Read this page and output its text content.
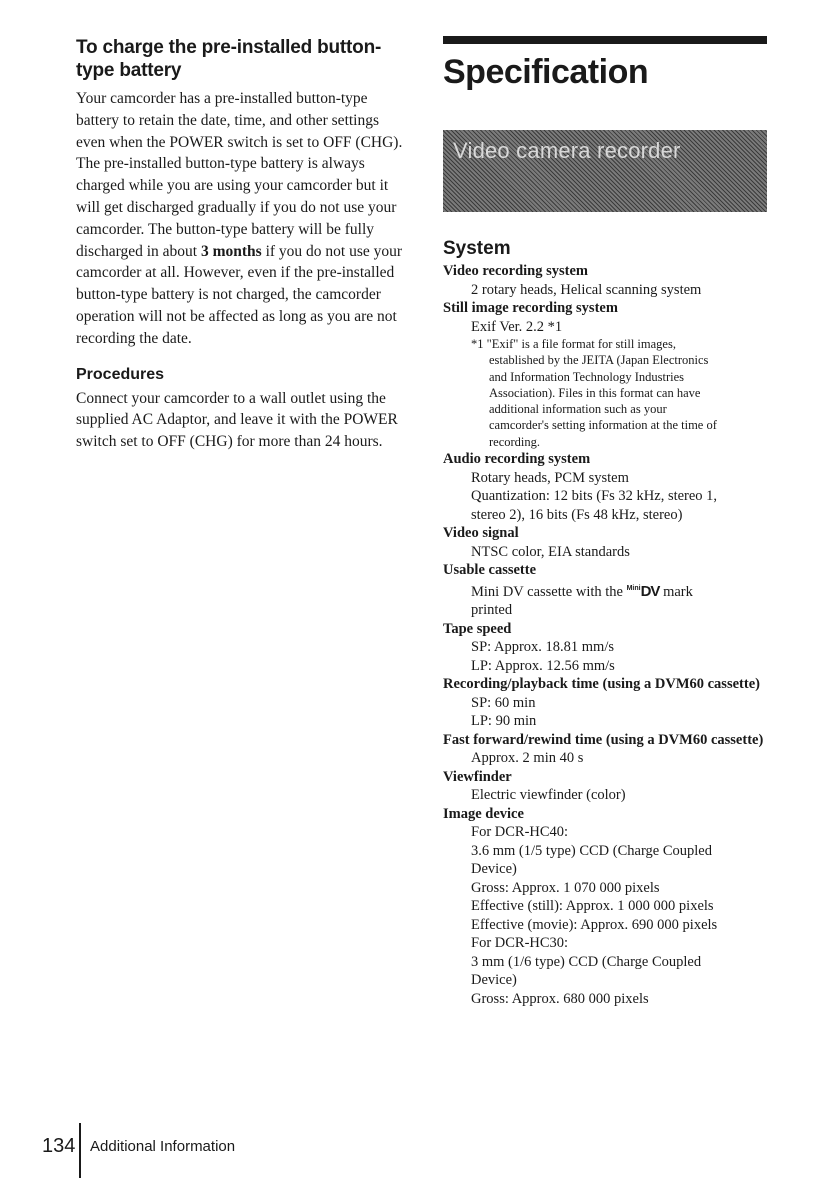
To charge the pre-installed button-type battery

Your camcorder has a pre-installed button-type battery to retain the date, time, and other settings even when the POWER switch is set to OFF (CHG). The pre-installed button-type battery is always charged while you are using your camcorder but it will get discharged gradually if you do not use your camcorder. The button-type battery will be fully discharged in about 3 months if you do not use your camcorder at all. However, even if the pre-installed button-type battery is not charged, the camcorder operation will not be affected as long as you are not recording the date.

Procedures

Connect your camcorder to a wall outlet using the supplied AC Adaptor, and leave it with the POWER switch set to OFF (CHG) for more than 24 hours.

Specification
Video camera recorder
System
Video recording system
2 rotary heads, Helical scanning system
Still image recording system
Exif Ver. 2.2 *1
*1 "Exif" is a file format for still images,
established by the JEITA (Japan Electronics
and Information Technology Industries
Association). Files in this format can have
additional information such as your
camcorder's setting information at the time of
recording.
Audio recording system
Rotary heads, PCM system
Quantization: 12 bits (Fs 32 kHz, stereo 1,
stereo 2), 16 bits (Fs 48 kHz, stereo)
Video signal
NTSC color, EIA standards
Usable cassette
Mini DV cassette with the $^{Mini}$DV mark
printed
Tape speed
SP: Approx. 18.81 mm/s
LP: Approx. 12.56 mm/s
Recording/playback time (using a DVM60 cassette)
SP: 60 min
LP: 90 min
Fast forward/rewind time (using a DVM60 cassette)
Approx. 2 min 40 s
Viewfinder
Electric viewfinder (color)
Image device
For DCR-HC40:
3.6 mm (1/5 type) CCD (Charge Coupled
Device)
Gross: Approx. 1 070 000 pixels
Effective (still): Approx. 1 000 000 pixels
Effective (movie): Approx. 690 000 pixels
For DCR-HC30:
3 mm (1/6 type) CCD (Charge Coupled
Device)
Gross: Approx. 680 000 pixels
134 Additional Information
